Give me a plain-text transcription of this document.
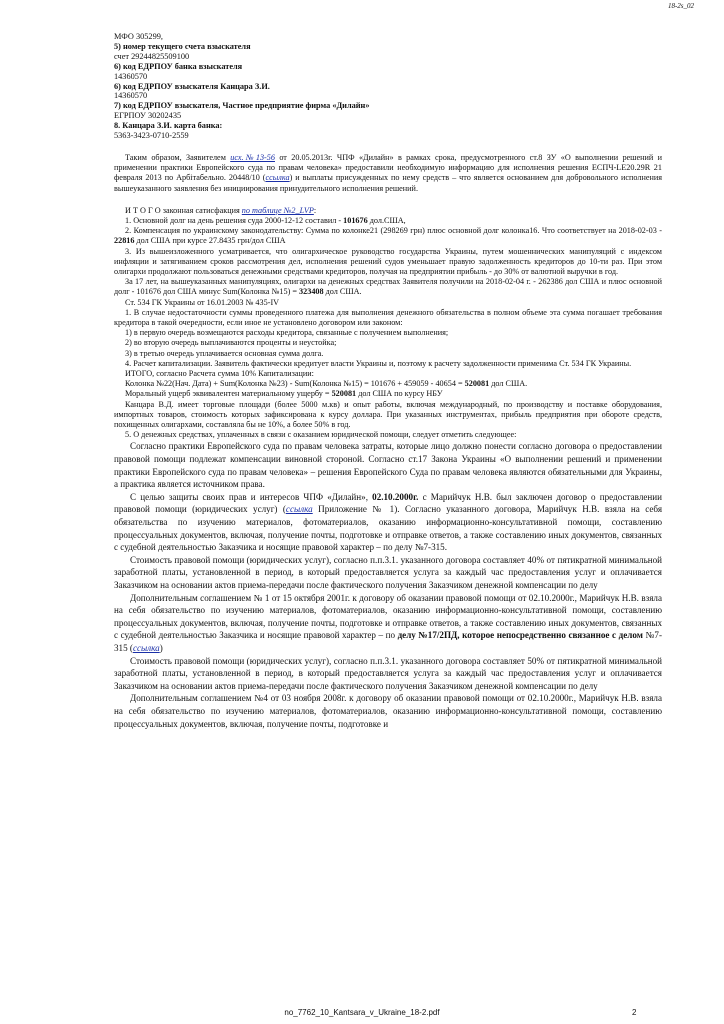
18-2s_02
МФО 305299,
5) номер текущего счета взыскателя
счет 29244825509100
6) код ЕДРПОУ банка взыскателя
14360570
6) код ЕДРПОУ взыскателя Канцара З.И.
14360570
7) код ЕДРПОУ взыскателя, Частное предприятие фирма «Дилайн»
ЕГРПОУ 30202435
8. Канцара З.И. карта банка:
5363-3423-0710-2559

Таким образом, Заявителем исх.№13-56 от 20.05.2013г. ЧПФ «Дилайн» в рамках срока, предусмотренного ст.8 ЗУ «О выполнении решений и применении практики Европейского суда по правам человека» предоставили необходимую информацию для исполнения решения ЕСПЧ-LE20.29R 21 февраля 2013 по Арбітабельно. 20448/10 (ссылка) и выплаты присужденных по нему средств – что является основанием для добровольного исполнения вышеуказанного заявления без инициирования принудительного исполнения решений.

И Т О Г О законная сатисфакция по таблице №2_LVP:

1. Основной долг на день решения суда 2000-12-12 составил - 101676 дол.США,

2. Компенсация по украинскому законодательству: Сумма по колонке21 (298269 грн) плюс основной долг колонка16. Что соответствует на 2018-02-03 - 22816 дол США при курсе 27.8435 грн/дол США

3. Из вышеизложенного усматривается, что олигархическое руководство государства Украины, путем мошеннических манипуляций с индексом инфляции и затягиванием сроков рассмотрения дел, исполнения решений судов уменьшает правую задолженность кредиторов до 10-ти раз. При этом олигархи продолжают пользоваться денежными средствами кредиторов, получая на предприятии прибыль - до 30% от валютной выручки в год.

За 17 лет, на вышеуказанных манипуляциях, олигархи на денежных средствах Заявителя получили на 2018-02-04 г. - 262386 дол США и плюс основной долг - 101676 дол США минус Sum(Колонка №15) = 323408 дол США.

Ст. 534 ГК Украины от 16.01.2003 № 435-IV

1. В случае недостаточности суммы проведенного платежа для выполнения денежного обязательства в полном объеме эта сумма погашает требования кредитора в такой очередности, если иное не установлено договором или законом:

1) в первую очередь возмещаются расходы кредитора, связанные с получением выполнения;

2) во вторую очередь выплачиваются проценты и неустойка;

3) в третью очередь уплачивается основная сумма долга.

4. Расчет капитализации. Заявитель фактически кредитует власти Украины и, поэтому к расчету задолженности применима Ст. 534 ГК Украины.

ИТОГО, согласно Расчета сумма 10% Капитализации:

Колонка №22(Нач. Дата) + Sum(Колонка №23) - Sum(Колонка №15) = 101676 + 459059 - 40654 = 520081 дол США.

Моральный ущерб эквивалентен материальному ущербу = 520081 дол США по курсу НБУ

Канцара В.Д. имеет торговые площади (более 5000 м.кв) и опыт работы, включая международный, по производству и поставке оборудования, импортных товаров, стоимость которых зафиксирована к курсу доллара. При указанных инструментах, прибыль предприятия при обороте средств, похищенных олигархами, составляла бы не 10%, а более 50% в год.

5. О денежных средствах, уплаченных в связи с оказанием юридической помощи, следует отметить следующее:

Согласно практики Европейского суда по правам человека затраты, которые лицо должно понести согласно договора о предоставлении правовой помощи подлежат компенсации виновной стороной. Согласно ст.17 Закона Украины «О выполнении решений и применении практики Европейского суда по правам человека» – решения Европейского Суда по правам человека являются обязательными для Украины, а практика является источником права.

С целью защиты своих прав и интересов ЧПФ «Дилайн», 02.10.2000г. с Марийчук Н.В. был заключен договор о предоставлении правовой помощи (юридических услуг) (ссылка Приложение № 1). Согласно указанного договора, Марийчук Н.В. взяла на себя обязательства по изучению материалов, фотоматериалов, оказанию информационно-консультативной помощи, составлению процессуальных документов, включая, получение почты, подготовке и отправке ответов, а также составлению иных документов, связанных с судебной деятельностью Заказчика и носящие правовой характер – по делу №7-315.

Стоимость правовой помощи (юридических услуг), согласно п.п.3.1. указанного договора составляет 40% от пятикратной минимальной заработной платы, установленной в период, в который предоставляется услуга за каждый час предоставления услуг и оплачивается Заказчиком на основании актов приема-передачи после фактического получения Заказчиком денежной компенсации по делу

Дополнительным соглашением № 1 от 15 октября 2001г. к договору об оказании правовой помощи от 02.10.2000г., Марийчук Н.В. взяла на себя обязательство по изучению материалов, фотоматериалов, оказанию информационно-консультативной помощи, составлению процессуальных документов, включая, получение почты, подготовке и отправке ответов, а также составлению иных документов, связанных с судебной деятельностью Заказчика и носящие правовой характер – по делу №17/2ПД, которое непосредственно связанное с делом №7-315 (ссылка)

Стоимость правовой помощи (юридических услуг), согласно п.п.3.1. указанного договора составляет 50% от пятикратной минимальной заработной платы, установленной в период, в который предоставляется услуга за каждый час предоставления услуг и оплачивается Заказчиком на основании актов приема-передачи после фактического получения Заказчиком денежной компенсации по делу

Дополнительным соглашением №4 от 03 ноября 2008г. к договору об оказании правовой помощи от 02.10.2000г., Марийчук Н.В. взяла на себя обязательство по изучению материалов, фотоматериалов, оказанию информационно-консультативной помощи, составлению процессуальных документов, включая, получение почты, подготовке и

no_7762_10_Kantsara_v_Ukraine_18-2.pdf	2
